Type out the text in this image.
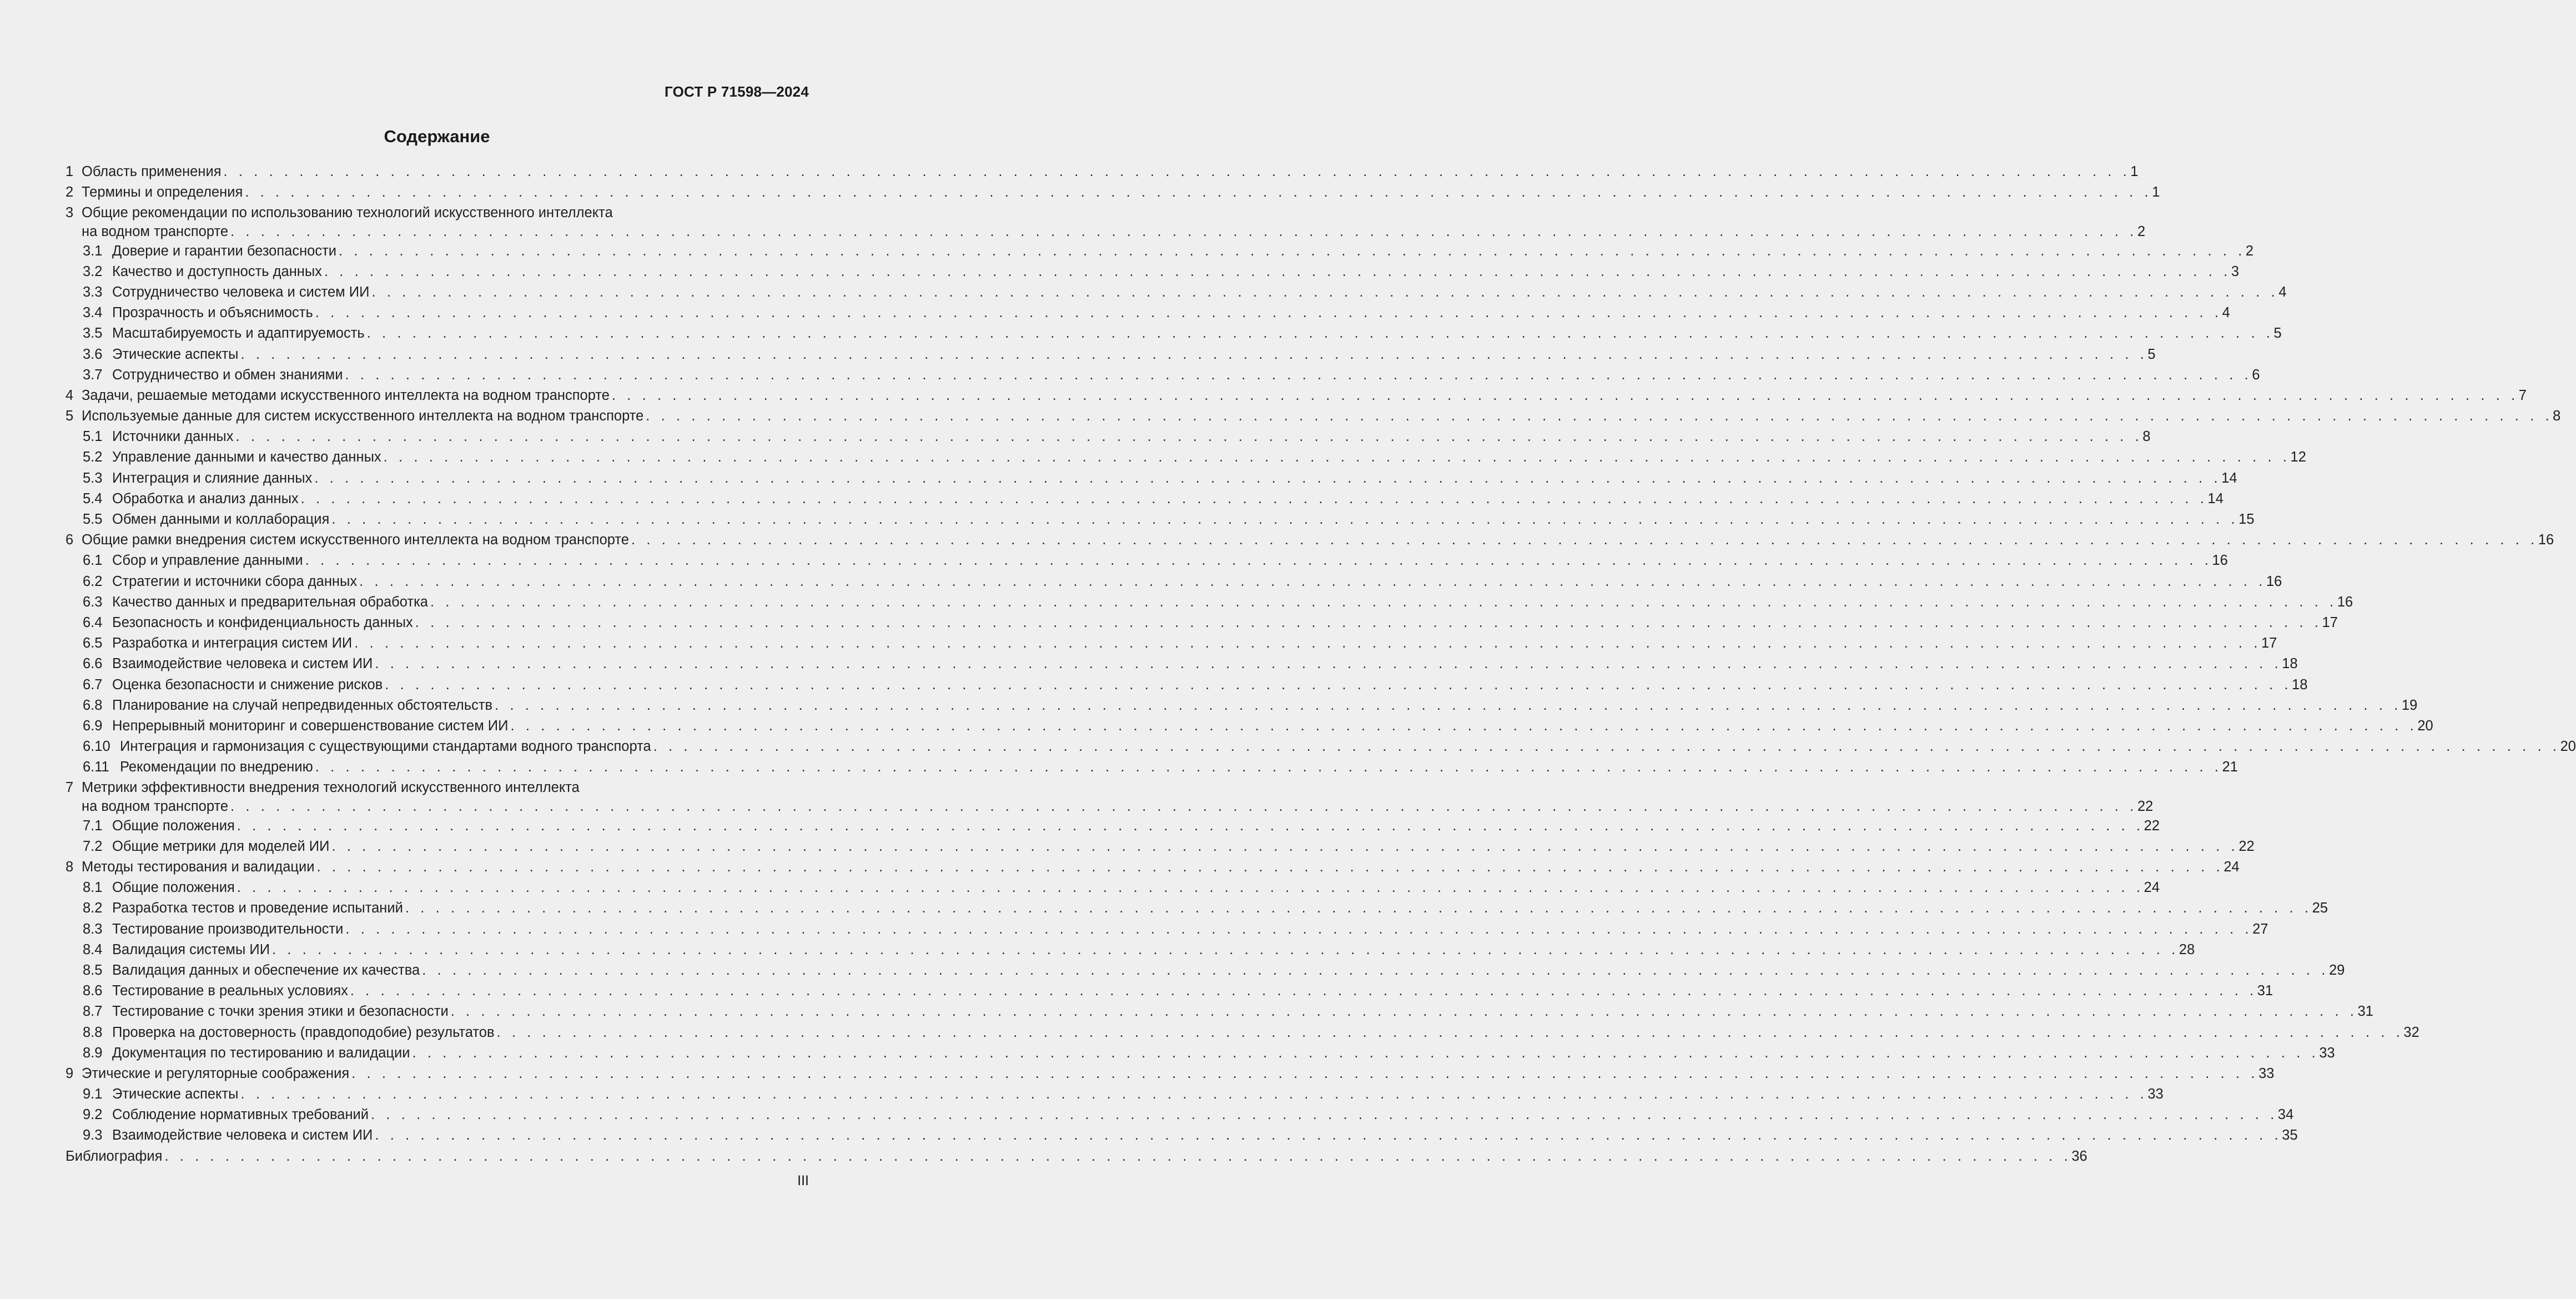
ГОСТ Р 71598—2024
Содержание
1 Область применения . . . . . . . . . . . . . . . . . . . . . . . . . . . . . . . . . . . . . . . . . . . . . . . . . . . . . . . . . . . . . . . . . . . . . . . . . . . . . . . . . . . . . . . . . . . . . . . . . . . . . . . . . . . . . . . . . . . . . . . . . . . . . . 1
2 Термины и определения . . . . . . . . . . . . . . . . . . . . . . . . . . . . . . . . . . . . . . . . . . . . . . . . . . . . . . . . . . . . . . . . . . . . . . . . . . . . . . . . . . . . . . . . . . . . . . . . . . . . . . . . . . . . . . . . . . . . . . . . . . . . . . 1
3 Общие рекомендации по использованию технологий искусственного интеллекта
на водном транспорте . . . . . . . . . . . . . . . . . . . . . . . . . . . . . . . . . . . . . . . . . . . . . . . . . . . . . . . . . . . . . . . . . . . . . . . . . . . . . . . . . . . . . . . . . . . . . . . . . . . . . . . . . . . . . . . . . . . . . . . . . . . . . . 2
3.1 Доверие и гарантии безопасности . . . . . . . . . . . . . . . . . . . . . . . . . . . . . . . . . . . . . . . . . . . . . . . . . . . . . . . . . . . . . . . . . . . . . . . . . . . . . . . . . . . . . . . . . . . . . . . . . . . . . . . . . . . . . . . . . . . . . . . . . . . . . . 2
3.2 Качество и доступность данных . . . . . . . . . . . . . . . . . . . . . . . . . . . . . . . . . . . . . . . . . . . . . . . . . . . . . . . . . . . . . . . . . . . . . . . . . . . . . . . . . . . . . . . . . . . . . . . . . . . . . . . . . . . . . . . . . . . . . . . . . . . . . . 3
3.3 Сотрудничество человека и систем ИИ . . . . . . . . . . . . . . . . . . . . . . . . . . . . . . . . . . . . . . . . . . . . . . . . . . . . . . . . . . . . . . . . . . . . . . . . . . . . . . . . . . . . . . . . . . . . . . . . . . . . . . . . . . . . . . . . . . . . . . . . . . . . . . 4
3.4 Прозрачность и объяснимость . . . . . . . . . . . . . . . . . . . . . . . . . . . . . . . . . . . . . . . . . . . . . . . . . . . . . . . . . . . . . . . . . . . . . . . . . . . . . . . . . . . . . . . . . . . . . . . . . . . . . . . . . . . . . . . . . . . . . . . . . . . . . . 4
3.5 Масштабируемость и адаптируемость . . . . . . . . . . . . . . . . . . . . . . . . . . . . . . . . . . . . . . . . . . . . . . . . . . . . . . . . . . . . . . . . . . . . . . . . . . . . . . . . . . . . . . . . . . . . . . . . . . . . . . . . . . . . . . . . . . . . . . . . . . . . . . 5
3.6 Этические аспекты . . . . . . . . . . . . . . . . . . . . . . . . . . . . . . . . . . . . . . . . . . . . . . . . . . . . . . . . . . . . . . . . . . . . . . . . . . . . . . . . . . . . . . . . . . . . . . . . . . . . . . . . . . . . . . . . . . . . . . . . . . . . . . 5
3.7 Сотрудничество и обмен знаниями . . . . . . . . . . . . . . . . . . . . . . . . . . . . . . . . . . . . . . . . . . . . . . . . . . . . . . . . . . . . . . . . . . . . . . . . . . . . . . . . . . . . . . . . . . . . . . . . . . . . . . . . . . . . . . . . . . . . . . . . . . . . . . 6
4 Задачи, решаемые методами искусственного интеллекта на водном транспорте . . . . . . . . . . . . . . . . . . . . . . . . . . . . . . . . . . . . . . . . . . . . . . . . . . . . . . . . . . . . . . . . . . . . . . . . . . . . . . . . . . . . . . . . . . . . . . . . . . . . . . . . . . . . . . . . . . . . . . . . . . . . . . 7
5 Используемые данные для систем искусственного интеллекта на водном транспорте . . . . . . . . . . . . . . . . . . . . . . . . . . . . . . . . . . . . . . . . . . . . . . . . . . . . . . . . . . . . . . . . . . . . . . . . . . . . . . . . . . . . . . . . . . . . . . . . . . . . . . . . . . . . . . . . . . . . . . . . . . . . . . 8
5.1 Источники данных . . . . . . . . . . . . . . . . . . . . . . . . . . . . . . . . . . . . . . . . . . . . . . . . . . . . . . . . . . . . . . . . . . . . . . . . . . . . . . . . . . . . . . . . . . . . . . . . . . . . . . . . . . . . . . . . . . . . . . . . . . . . . . 8
5.2 Управление данными и качество данных . . . . . . . . . . . . . . . . . . . . . . . . . . . . . . . . . . . . . . . . . . . . . . . . . . . . . . . . . . . . . . . . . . . . . . . . . . . . . . . . . . . . . . . . . . . . . . . . . . . . . . . . . . . . . . . . . . . . . . . . . . . . . . 12
5.3 Интеграция и слияние данных . . . . . . . . . . . . . . . . . . . . . . . . . . . . . . . . . . . . . . . . . . . . . . . . . . . . . . . . . . . . . . . . . . . . . . . . . . . . . . . . . . . . . . . . . . . . . . . . . . . . . . . . . . . . . . . . . . . . . . . . . . . . . . 14
5.4 Обработка и анализ данных . . . . . . . . . . . . . . . . . . . . . . . . . . . . . . . . . . . . . . . . . . . . . . . . . . . . . . . . . . . . . . . . . . . . . . . . . . . . . . . . . . . . . . . . . . . . . . . . . . . . . . . . . . . . . . . . . . . . . . . . . . . . . . 14
5.5 Обмен данными и коллаборация . . . . . . . . . . . . . . . . . . . . . . . . . . . . . . . . . . . . . . . . . . . . . . . . . . . . . . . . . . . . . . . . . . . . . . . . . . . . . . . . . . . . . . . . . . . . . . . . . . . . . . . . . . . . . . . . . . . . . . . . . . . . . . 15
6 Общие рамки внедрения систем искусственного интеллекта на водном транспорте . . . . . . . . . . . . . . . . . . . . . . . . . . . . . . . . . . . . . . . . . . . . . . . . . . . . . . . . . . . . . . . . . . . . . . . . . . . . . . . . . . . . . . . . . . . . . . . . . . . . . . . . . . . . . . . . . . . . . . . . . . . . . . 16
6.1 Сбор и управление данными . . . . . . . . . . . . . . . . . . . . . . . . . . . . . . . . . . . . . . . . . . . . . . . . . . . . . . . . . . . . . . . . . . . . . . . . . . . . . . . . . . . . . . . . . . . . . . . . . . . . . . . . . . . . . . . . . . . . . . . . . . . . . . 16
6.2 Стратегии и источники сбора данных . . . . . . . . . . . . . . . . . . . . . . . . . . . . . . . . . . . . . . . . . . . . . . . . . . . . . . . . . . . . . . . . . . . . . . . . . . . . . . . . . . . . . . . . . . . . . . . . . . . . . . . . . . . . . . . . . . . . . . . . . . . . . . 16
6.3 Качество данных и предварительная обработка . . . . . . . . . . . . . . . . . . . . . . . . . . . . . . . . . . . . . . . . . . . . . . . . . . . . . . . . . . . . . . . . . . . . . . . . . . . . . . . . . . . . . . . . . . . . . . . . . . . . . . . . . . . . . . . . . . . . . . . . . . . . . . 16
6.4 Безопасность и конфиденциальность данных . . . . . . . . . . . . . . . . . . . . . . . . . . . . . . . . . . . . . . . . . . . . . . . . . . . . . . . . . . . . . . . . . . . . . . . . . . . . . . . . . . . . . . . . . . . . . . . . . . . . . . . . . . . . . . . . . . . . . . . . . . . . . . 17
6.5 Разработка и интеграция систем ИИ . . . . . . . . . . . . . . . . . . . . . . . . . . . . . . . . . . . . . . . . . . . . . . . . . . . . . . . . . . . . . . . . . . . . . . . . . . . . . . . . . . . . . . . . . . . . . . . . . . . . . . . . . . . . . . . . . . . . . . . . . . . . . . 17
6.6 Взаимодействие человека и систем ИИ . . . . . . . . . . . . . . . . . . . . . . . . . . . . . . . . . . . . . . . . . . . . . . . . . . . . . . . . . . . . . . . . . . . . . . . . . . . . . . . . . . . . . . . . . . . . . . . . . . . . . . . . . . . . . . . . . . . . . . . . . . . . . . 18
6.7 Оценка безопасности и снижение рисков . . . . . . . . . . . . . . . . . . . . . . . . . . . . . . . . . . . . . . . . . . . . . . . . . . . . . . . . . . . . . . . . . . . . . . . . . . . . . . . . . . . . . . . . . . . . . . . . . . . . . . . . . . . . . . . . . . . . . . . . . . . . . . 18
6.8 Планирование на случай непредвиденных обстоятельств . . . . . . . . . . . . . . . . . . . . . . . . . . . . . . . . . . . . . . . . . . . . . . . . . . . . . . . . . . . . . . . . . . . . . . . . . . . . . . . . . . . . . . . . . . . . . . . . . . . . . . . . . . . . . . . . . . . . . . . . . . . . . . 19
6.9 Непрерывный мониторинг и совершенствование систем ИИ . . . . . . . . . . . . . . . . . . . . . . . . . . . . . . . . . . . . . . . . . . . . . . . . . . . . . . . . . . . . . . . . . . . . . . . . . . . . . . . . . . . . . . . . . . . . . . . . . . . . . . . . . . . . . . . . . . . . . . . . . . . . . . 20
6.10 Интеграция и гармонизация с существующими стандартами водного транспорта . . . . . . . . . . . . . . . . . . . . . . . . . . . . . . . . . . . . . . . . . . . . . . . . . . . . . . . . . . . . . . . . . . . . . . . . . . . . . . . . . . . . . . . . . . . . . . . . . . . . . . . . . . . . . . . . . . . . . . . . . . . . . . 20
6.11 Рекомендации по внедрению . . . . . . . . . . . . . . . . . . . . . . . . . . . . . . . . . . . . . . . . . . . . . . . . . . . . . . . . . . . . . . . . . . . . . . . . . . . . . . . . . . . . . . . . . . . . . . . . . . . . . . . . . . . . . . . . . . . . . . . . . . . . . . 21
7 Метрики эффективности внедрения технологий искусственного интеллекта
на водном транспорте . . . . . . . . . . . . . . . . . . . . . . . . . . . . . . . . . . . . . . . . . . . . . . . . . . . . . . . . . . . . . . . . . . . . . . . . . . . . . . . . . . . . . . . . . . . . . . . . . . . . . . . . . . . . . . . . . . . . . . . . . . . . . . 22
7.1 Общие положения . . . . . . . . . . . . . . . . . . . . . . . . . . . . . . . . . . . . . . . . . . . . . . . . . . . . . . . . . . . . . . . . . . . . . . . . . . . . . . . . . . . . . . . . . . . . . . . . . . . . . . . . . . . . . . . . . . . . . . . . . . . . . . 22
7.2 Общие метрики для моделей ИИ . . . . . . . . . . . . . . . . . . . . . . . . . . . . . . . . . . . . . . . . . . . . . . . . . . . . . . . . . . . . . . . . . . . . . . . . . . . . . . . . . . . . . . . . . . . . . . . . . . . . . . . . . . . . . . . . . . . . . . . . . . . . . . 22
8 Методы тестирования и валидации . . . . . . . . . . . . . . . . . . . . . . . . . . . . . . . . . . . . . . . . . . . . . . . . . . . . . . . . . . . . . . . . . . . . . . . . . . . . . . . . . . . . . . . . . . . . . . . . . . . . . . . . . . . . . . . . . . . . . . . . . . . . . . 24
8.1 Общие положения . . . . . . . . . . . . . . . . . . . . . . . . . . . . . . . . . . . . . . . . . . . . . . . . . . . . . . . . . . . . . . . . . . . . . . . . . . . . . . . . . . . . . . . . . . . . . . . . . . . . . . . . . . . . . . . . . . . . . . . . . . . . . . 24
8.2 Разработка тестов и проведение испытаний . . . . . . . . . . . . . . . . . . . . . . . . . . . . . . . . . . . . . . . . . . . . . . . . . . . . . . . . . . . . . . . . . . . . . . . . . . . . . . . . . . . . . . . . . . . . . . . . . . . . . . . . . . . . . . . . . . . . . . . . . . . . . . 25
8.3 Тестирование производительности . . . . . . . . . . . . . . . . . . . . . . . . . . . . . . . . . . . . . . . . . . . . . . . . . . . . . . . . . . . . . . . . . . . . . . . . . . . . . . . . . . . . . . . . . . . . . . . . . . . . . . . . . . . . . . . . . . . . . . . . . . . . . . 27
8.4 Валидация системы ИИ . . . . . . . . . . . . . . . . . . . . . . . . . . . . . . . . . . . . . . . . . . . . . . . . . . . . . . . . . . . . . . . . . . . . . . . . . . . . . . . . . . . . . . . . . . . . . . . . . . . . . . . . . . . . . . . . . . . . . . . . . . . . . . 28
8.5 Валидация данных и обеспечение их качества . . . . . . . . . . . . . . . . . . . . . . . . . . . . . . . . . . . . . . . . . . . . . . . . . . . . . . . . . . . . . . . . . . . . . . . . . . . . . . . . . . . . . . . . . . . . . . . . . . . . . . . . . . . . . . . . . . . . . . . . . . . . . . 29
8.6 Тестирование в реальных условиях . . . . . . . . . . . . . . . . . . . . . . . . . . . . . . . . . . . . . . . . . . . . . . . . . . . . . . . . . . . . . . . . . . . . . . . . . . . . . . . . . . . . . . . . . . . . . . . . . . . . . . . . . . . . . . . . . . . . . . . . . . . . . . 31
8.7 Тестирование с точки зрения этики и безопасности . . . . . . . . . . . . . . . . . . . . . . . . . . . . . . . . . . . . . . . . . . . . . . . . . . . . . . . . . . . . . . . . . . . . . . . . . . . . . . . . . . . . . . . . . . . . . . . . . . . . . . . . . . . . . . . . . . . . . . . . . . . . . . 31
8.8 Проверка на достоверность (правдоподобие) результатов . . . . . . . . . . . . . . . . . . . . . . . . . . . . . . . . . . . . . . . . . . . . . . . . . . . . . . . . . . . . . . . . . . . . . . . . . . . . . . . . . . . . . . . . . . . . . . . . . . . . . . . . . . . . . . . . . . . . . . . . . . . . . . 32
8.9 Документация по тестированию и валидации . . . . . . . . . . . . . . . . . . . . . . . . . . . . . . . . . . . . . . . . . . . . . . . . . . . . . . . . . . . . . . . . . . . . . . . . . . . . . . . . . . . . . . . . . . . . . . . . . . . . . . . . . . . . . . . . . . . . . . . . . . . . . . 33
9 Этические и регуляторные соображения . . . . . . . . . . . . . . . . . . . . . . . . . . . . . . . . . . . . . . . . . . . . . . . . . . . . . . . . . . . . . . . . . . . . . . . . . . . . . . . . . . . . . . . . . . . . . . . . . . . . . . . . . . . . . . . . . . . . . . . . . . . . . . 33
9.1 Этические аспекты . . . . . . . . . . . . . . . . . . . . . . . . . . . . . . . . . . . . . . . . . . . . . . . . . . . . . . . . . . . . . . . . . . . . . . . . . . . . . . . . . . . . . . . . . . . . . . . . . . . . . . . . . . . . . . . . . . . . . . . . . . . . . . 33
9.2 Соблюдение нормативных требований . . . . . . . . . . . . . . . . . . . . . . . . . . . . . . . . . . . . . . . . . . . . . . . . . . . . . . . . . . . . . . . . . . . . . . . . . . . . . . . . . . . . . . . . . . . . . . . . . . . . . . . . . . . . . . . . . . . . . . . . . . . . . . 34
9.3 Взаимодействие человека и систем ИИ . . . . . . . . . . . . . . . . . . . . . . . . . . . . . . . . . . . . . . . . . . . . . . . . . . . . . . . . . . . . . . . . . . . . . . . . . . . . . . . . . . . . . . . . . . . . . . . . . . . . . . . . . . . . . . . . . . . . . . . . . . . . . . 35
Библиография . . . . . . . . . . . . . . . . . . . . . . . . . . . . . . . . . . . . . . . . . . . . . . . . . . . . . . . . . . . . . . . . . . . . . . . . . . . . . . . . . . . . . . . . . . . . . . . . . . . . . . . . . . . . . . . . . . . . . . . . . . . . . . 36
III
